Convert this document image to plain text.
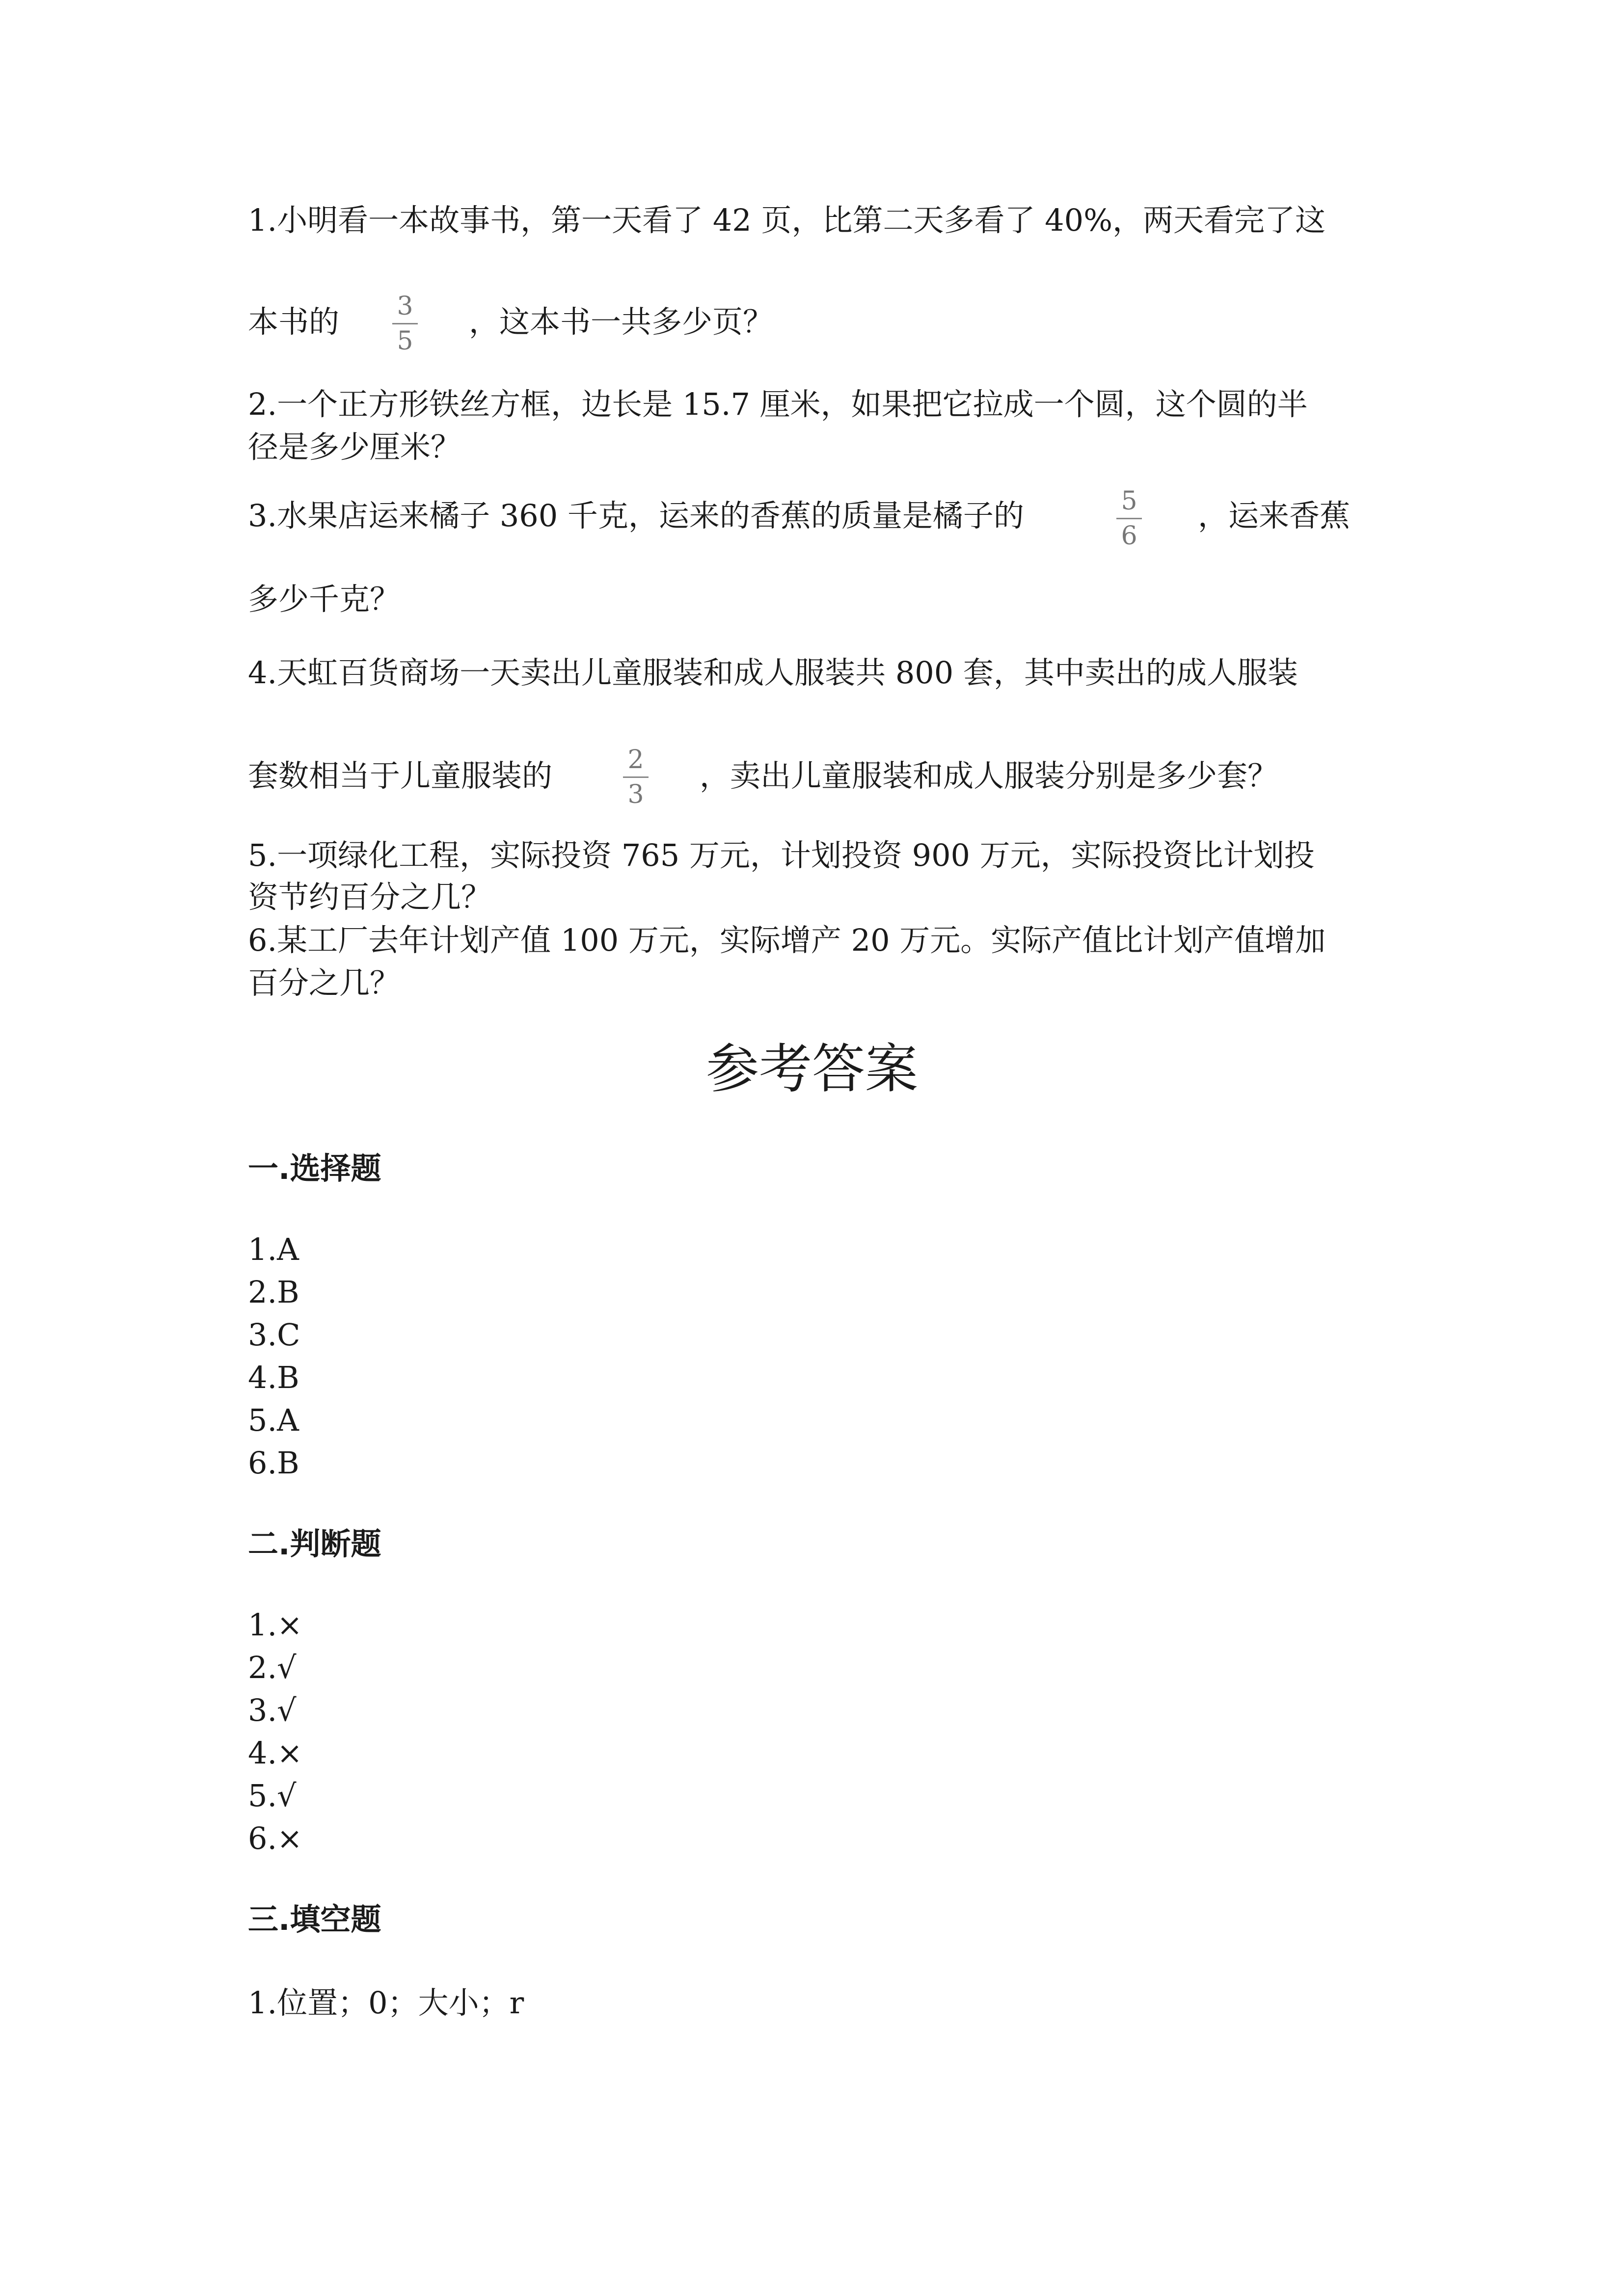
1.小明看一本故事书，第一天看了 42 页，比第二天多看了 40%，两天看完了这
本书的 3
5
，这本书一共多少页？
2.一个正方形铁丝方框，边长是 15.7 厘米，如果把它拉成一个圆，这个圆的半
径是多少厘米？
3.水果店运来橘子 360 千克，运来的香蕉的质量是橘子的	5
6
，运来香蕉
多少千克？
4.天虹百货商场一天卖出儿童服装和成人服装共 800 套，其中卖出的成人服装
套数相当于儿童服装的	2
3
，卖出儿童服装和成人服装分别是多少套？
5.一项绿化工程，实际投资 765 万元，计划投资 900 万元，实际投资比计划投
资节约百分之几？
6.某工厂去年计划产值 100 万元，实际增产 20 万元。实际产值比计划产值增加
百分之几？
参考答案
一.选择题
1.A
2.B
3.C
4.B
5.A
6.B
二.判断题
1.×
2.√
3.√
4.×
5.√
6.×
三.填空题
1.位置；0；大小；r
